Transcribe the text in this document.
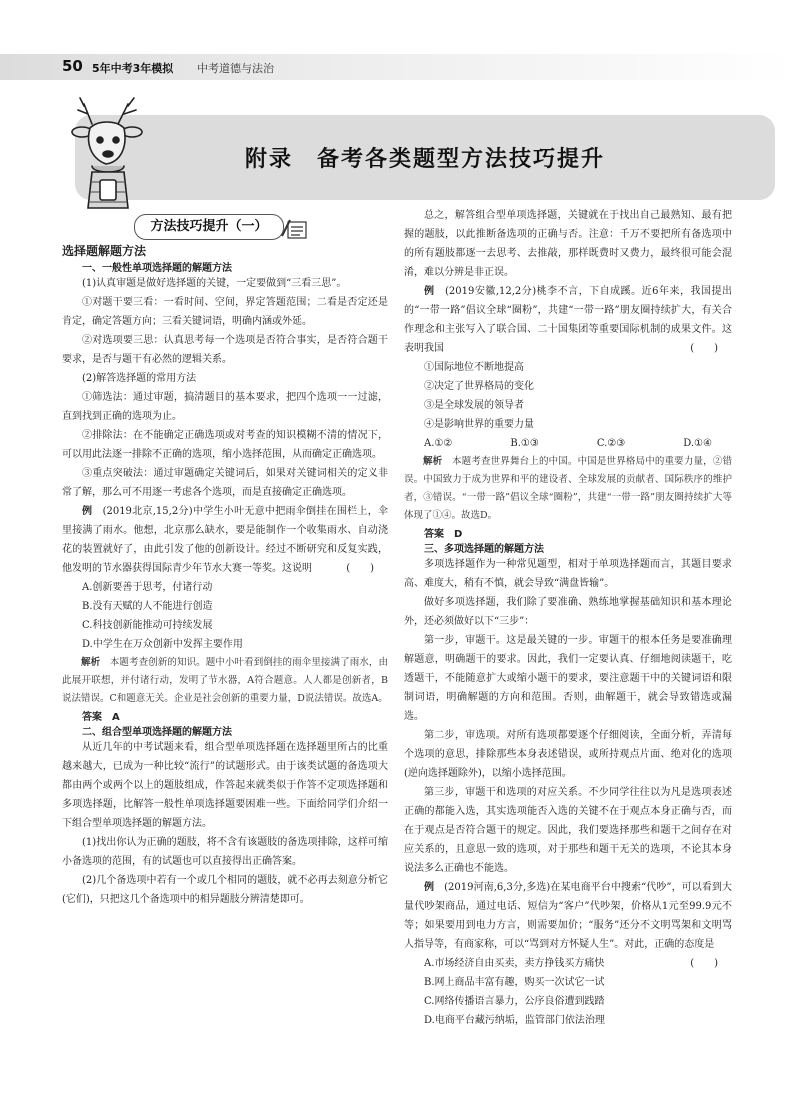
50 5年中考3年模拟 中考道德与法治
附录　备考各类题型方法技巧提升
方法技巧提升（一）

选择题解题方法

一、一般性单项选择题的解题方法

(1)认真审题是做好选择题的关键，一定要做到“三看三思”。

①对题干要三看：一看时间、空间，界定答题范围；二看是否定还是肯定，确定答题方向；三看关键词语，明确内涵或外延。

②对选项要三思：认真思考每一个选项是否符合事实，是否符合题干要求，是否与题干有必然的逻辑关系。

(2)解答选择题的常用方法

①筛选法：通过审题，搞清题目的基本要求，把四个选项一一过滤，直到找到正确的选项为止。

②排除法：在不能确定正确选项或对考查的知识模糊不清的情况下，可以用此法逐一排除不正确的选项，缩小选择范围，从而确定正确选项。

③重点突破法：通过审题确定关键词后，如果对关键词相关的定义非常了解，那么可不用逐一考虑各个选项，而是直接确定正确选项。

例　 (2019北京,15,2分)中学生小叶无意中把雨伞倒挂在围栏上，伞里接满了雨水。他想，北京那么缺水，要是能制作一个收集雨水、自动浇花的装置就好了，由此引发了他的创新设计。经过不断研究和反复实践，他发明的节水器获得国际青少年节水大赛一等奖。这说明	(　　)

A.创新要善于思考，付诸行动

B.没有天赋的人不能进行创造

C.科技创新能推动可持续发展

D.中学生在万众创新中发挥主要作用

解析　 本题考查创新的知识。题中小叶看到倒挂的雨伞里接满了雨水，由此展开联想，并付诸行动，发明了节水器，A符合题意。人人都是创新者，B说法错误。C和题意无关。企业是社会创新的重要力量，D说法错误。故选A。

答案　A

二、组合型单项选择题的解题方法

从近几年的中考试题来看，组合型单项选择题在选择题里所占的比重越来越大，已成为一种比较“流行”的试题形式。由于该类试题的备选项大都由两个或两个以上的题肢组成，作答起来就类似于作答不定项选择题和多项选择题，比解答一般性单项选择题要困难一些。下面给同学们介绍一下组合型单项选择题的解题方法。

(1)找出你认为正确的题肢，将不含有该题肢的备选项排除，这样可缩小备选项的范围，有的试题也可以直接得出正确答案。

(2)几个备选项中若有一个或几个相同的题肢，就不必再去刻意分析它(它们)，只把这几个备选项中的相异题肢分辨清楚即可。

总之，解答组合型单项选择题，关键就在于找出自己最熟知、最有把握的题肢，以此推断备选项的正确与否。注意：千万不要把所有备选项中的所有题肢都逐一去思考、去推敲，那样既费时又费力，最终很可能会混淆，难以分辨是非正误。

例　 (2019安徽,12,2分)桃李不言，下自成蹊。近6年来，我国提出的“一带一路”倡议全球“圈粉”，共建“一带一路”朋友圈持续扩大，有关合作理念和主张写入了联合国、二十国集团等重要国际机制的成果文件。这表明我国	(　　)

①国际地位不断地提高

②决定了世界格局的变化

③是全球发展的领导者

④是影响世界的重要力量

A.①②	B.①③	C.②③	D.①④

解析　 本题考查世界舞台上的中国。中国是世界格局中的重要力量，②错误。中国致力于成为世界和平的建设者、全球发展的贡献者、国际秩序的维护者，③错误。“一带一路”倡议全球“圈粉”，共建“一带一路”朋友圈持续扩大等体现了①④。故选D。

答案　D

三、多项选择题的解题方法

多项选择题作为一种常见题型，相对于单项选择题而言，其题目要求高、难度大，稍有不慎，就会导致“满盘皆输”。

做好多项选择题，我们除了要准确、熟练地掌握基础知识和基本理论外，还必须做好以下“三步”：

第一步，审题干。这是最关键的一步。审题干的根本任务是要准确理解题意，明确题干的要求。因此，我们一定要认真、仔细地阅读题干，吃透题干，不能随意扩大或缩小题干的要求，要注意题干中的关键词语和限制词语，明确解题的方向和范围。否则，曲解题干，就会导致错选或漏选。

第二步，审选项。对所有选项都要逐个仔细阅读，全面分析，弄清每个选项的意思，排除那些本身表述错误，或所持观点片面、绝对化的选项(逆向选择题除外)，以缩小选择范围。

第三步，审题干和选项的对应关系。不少同学往往以为凡是选项表述正确的都能入选，其实选项能否入选的关键不在于观点本身正确与否，而在于观点是否符合题干的规定。因此，我们要选择那些和题干之间存在对应关系的，且意思一致的选项，对于那些和题干无关的选项，不论其本身说法多么正确也不能选。

例　 (2019河南,6,3分,多选)在某电商平台中搜索“代吵”，可以看到大量代吵架商品，通过电话、短信为“客户”代吵架，价格从1元至99.9元不等；如果要用到电力方言，则需要加价；“服务”还分不文明骂架和文明骂人指导等，有商家称，可以“骂到对方怀疑人生”。对此，正确的态度是
(　　)

A.市场经济自由买卖，卖方挣钱买方痛快

B.网上商品丰富有趣，购买一次试它一试

C.网络传播语言暴力，公序良俗遭到践踏

D.电商平台藏污纳垢，监管部门依法治理
